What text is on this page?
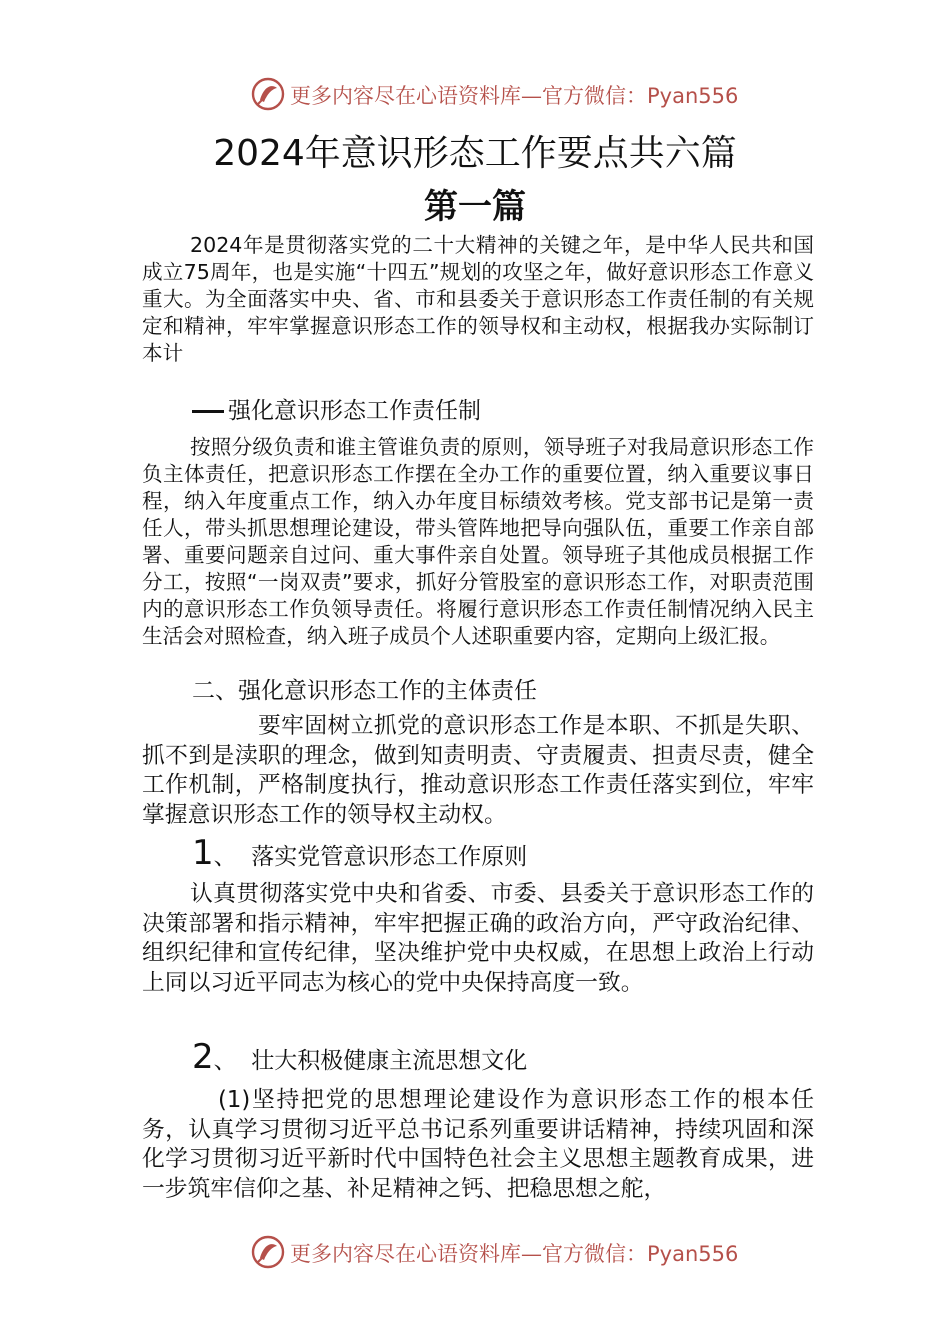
更多内容尽在心语资料库—官方微信：Pyan556
2024年意识形态工作要点共六篇
第一篇

2024年是贯彻落实党的二十大精神的关键之年，是中华人民共和国成立75周年，也是实施“十四五”规划的攻坚之年，做好意识形态工作意义重大。为全面落实中央、省、市和县委关于意识形态工作责任制的有关规定和精神，牢牢掌握意识形态工作的领导权和主动权，根据我办实际制订本计

强化意识形态工作责任制

按照分级负责和谁主管谁负责的原则，领导班子对我局意识形态工作负主体责任，把意识形态工作摆在全办工作的重要位置，纳入重要议事日程，纳入年度重点工作，纳入办年度目标绩效考核。党支部书记是第一责任人，带头抓思想理论建设，带头管阵地把导向强队伍，重要工作亲自部署、重要问题亲自过问、重大事件亲自处置。领导班子其他成员根据工作分工，按照“一岗双责”要求，抓好分管股室的意识形态工作，对职责范围内的意识形态工作负领导责任。将履行意识形态工作责任制情况纳入民主生活会对照检查，纳入班子成员个人述职重要内容，定期向上级汇报。

二、强化意识形态工作的主体责任

要牢固树立抓党的意识形态工作是本职、不抓是失职、抓不到是渎职的理念，做到知责明责、守责履责、担责尽责，健全工作机制，严格制度执行，推动意识形态工作责任落实到位，牢牢掌握意识形态工作的领导权主动权。

1、 落实党管意识形态工作原则

认真贯彻落实党中央和省委、市委、县委关于意识形态工作的决策部署和指示精神，牢牢把握正确的政治方向，严守政治纪律、组织纪律和宣传纪律，坚决维护党中央权威，在思想上政治上行动上同以习近平同志为核心的党中央保持高度一致。

2、 壮大积极健康主流思想文化

(1)坚持把党的思想理论建设作为意识形态工作的根本任务，认真学习贯彻习近平总书记系列重要讲话精神，持续巩固和深化学习贯彻习近平新时代中国特色社会主义思想主题教育成果，进一步筑牢信仰之基、补足精神之钙、把稳思想之舵，

更多内容尽在心语资料库—官方微信：Pyan556
